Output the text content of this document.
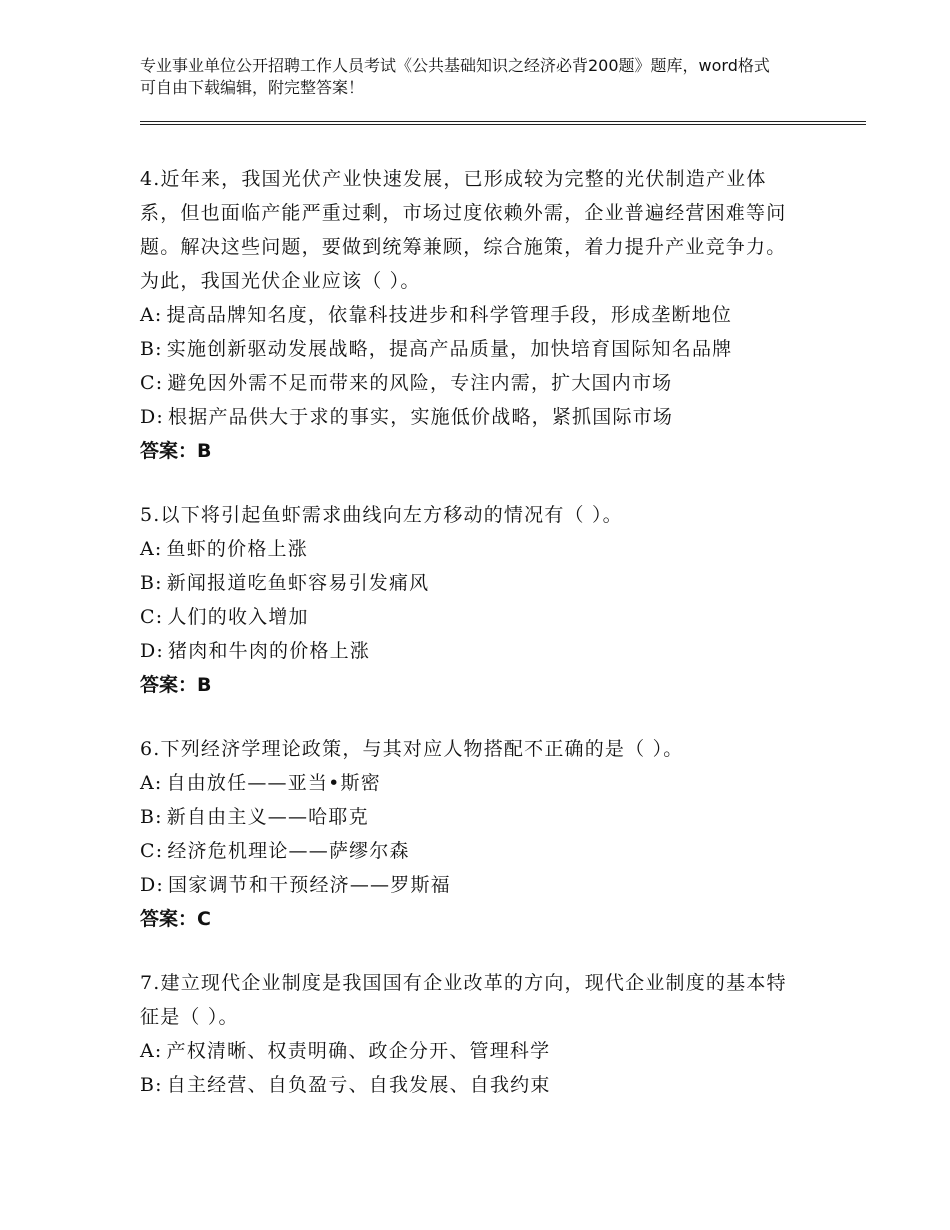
专业事业单位公开招聘工作人员考试《公共基础知识之经济必背200题》题库，word格式可自由下载编辑，附完整答案！

4.近年来，我国光伏产业快速发展，已形成较为完整的光伏制造产业体系，但也面临产能严重过剩，市场过度依赖外需，企业普遍经营困难等问题。解决这些问题，要做到统筹兼顾，综合施策，着力提升产业竞争力。为此，我国光伏企业应该（ ）。

A: 提高品牌知名度，依靠科技进步和科学管理手段，形成垄断地位
B: 实施创新驱动发展战略，提高产品质量，加快培育国际知名品牌
C: 避免因外需不足而带来的风险，专注内需，扩大国内市场
D: 根据产品供大于求的事实，实施低价战略，紧抓国际市场
答案：B

5.以下将引起鱼虾需求曲线向左方移动的情况有（ ）。

A: 鱼虾的价格上涨
B: 新闻报道吃鱼虾容易引发痛风
C: 人们的收入增加
D: 猪肉和牛肉的价格上涨
答案：B

6.下列经济学理论政策，与其对应人物搭配不正确的是（ ）。

A: 自由放任——亚当•斯密
B: 新自由主义——哈耶克
C: 经济危机理论——萨缪尔森
D: 国家调节和干预经济——罗斯福
答案：C

7.建立现代企业制度是我国国有企业改革的方向，现代企业制度的基本特征是（ ）。

A: 产权清晰、权责明确、政企分开、管理科学
B: 自主经营、自负盈亏、自我发展、自我约束
